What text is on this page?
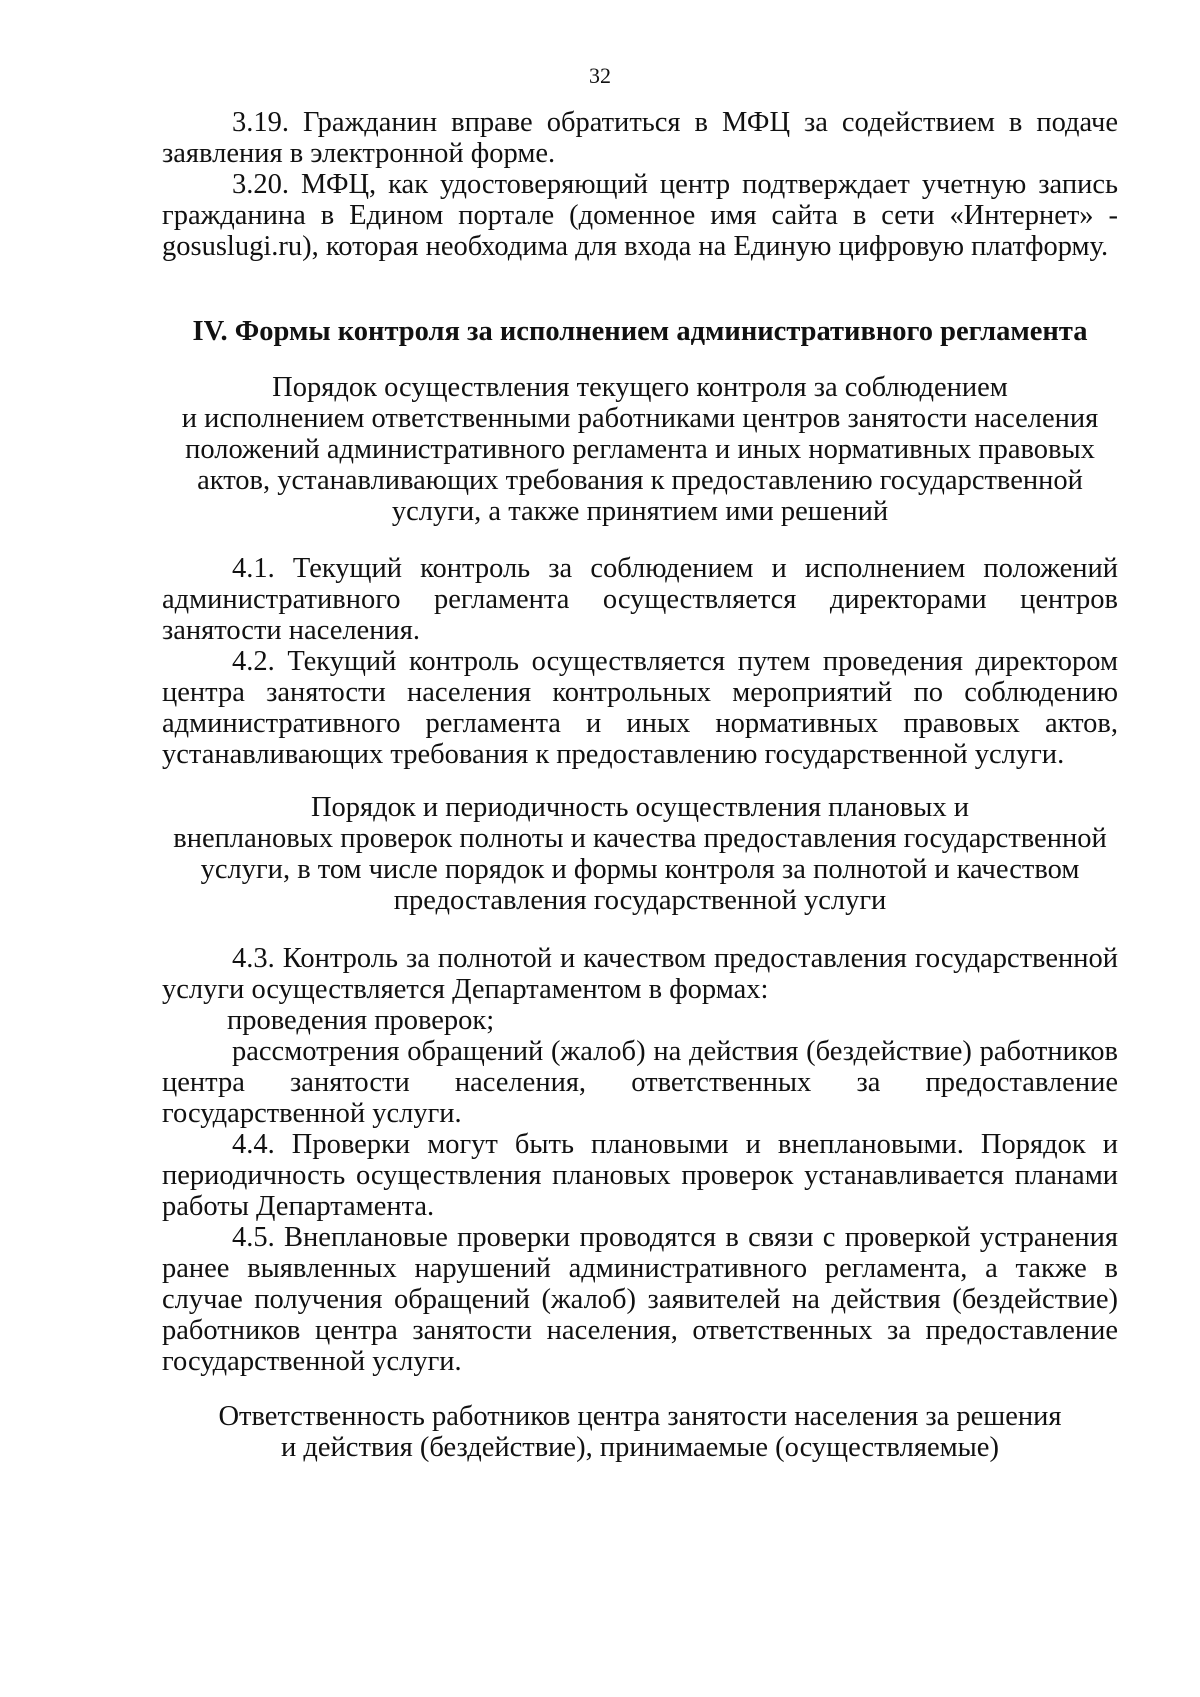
32

3.19. Гражданин вправе обратиться в МФЦ за содействием в подаче заявления в электронной форме.

3.20. МФЦ, как удостоверяющий центр подтверждает учетную запись гражданина в Едином портале (доменное имя сайта в сети «Интернет» - gosuslugi.ru), которая необходима для входа на Единую цифровую платформу.

IV. Формы контроля за исполнением административного регламента

Порядок осуществления текущего контроля за соблюдением

и исполнением ответственными работниками центров занятости населения

положений административного регламента и иных нормативных правовых

актов, устанавливающих требования к предоставлению государственной

услуги, а также принятием ими решений

4.1. Текущий контроль за соблюдением и исполнением положений административного регламента осуществляется директорами центров занятости населения.

4.2. Текущий контроль осуществляется путем проведения директором центра занятости населения контрольных мероприятий по соблюдению административного регламента и иных нормативных правовых актов, устанавливающих требования к предоставлению государственной услуги.

Порядок и периодичность осуществления плановых и

внеплановых проверок полноты и качества предоставления государственной

услуги, в том числе порядок и формы контроля за полнотой и качеством

предоставления государственной услуги

4.3. Контроль за полнотой и качеством предоставления государственной услуги осуществляется Департаментом в формах:

проведения проверок;

рассмотрения обращений (жалоб) на действия (бездействие) работников центра занятости населения, ответственных за предоставление государственной услуги.

4.4. Проверки могут быть плановыми и внеплановыми. Порядок и периодичность осуществления плановых проверок устанавливается планами работы Департамента.

4.5. Внеплановые проверки проводятся в связи с проверкой устранения ранее выявленных нарушений административного регламента, а также в случае получения обращений (жалоб) заявителей на действия (бездействие) работников центра занятости населения, ответственных за предоставление государственной услуги.

Ответственность работников центра занятости населения за решения

и действия (бездействие), принимаемые (осуществляемые)
